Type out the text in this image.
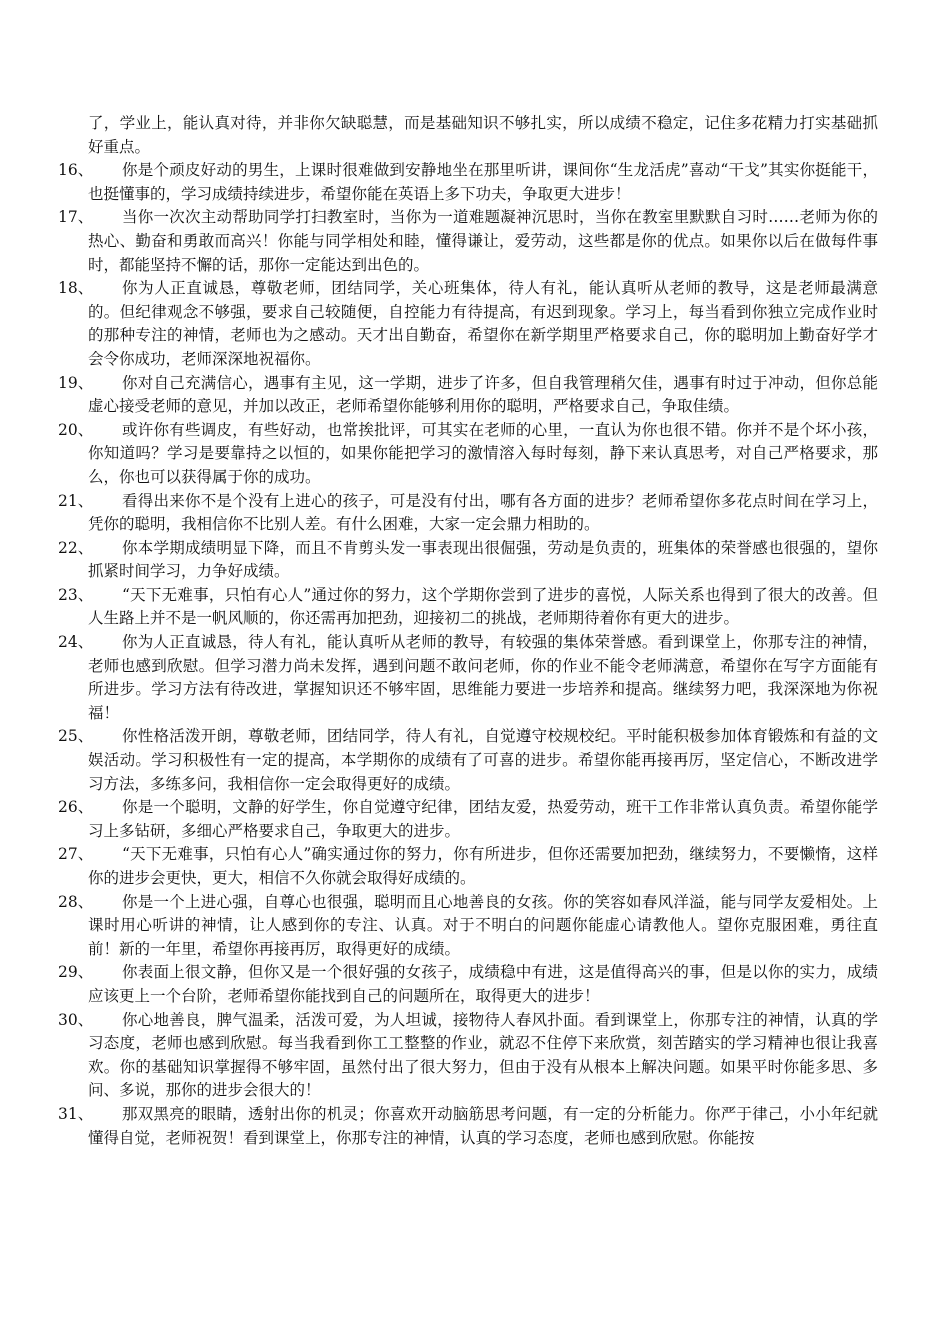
了，学业上，能认真对待，并非你欠缺聪慧，而是基础知识不够扎实，所以成绩不稳定，记住多花精力打实基础抓好重点。
16、	你是个顽皮好动的男生，上课时很难做到安静地坐在那里听讲，课间你“生龙活虎”喜动“干戈”其实你挺能干，也挺懂事的，学习成绩持续进步，希望你能在英语上多下功夫，争取更大进步！
17、	当你一次次主动帮助同学打扫教室时，当你为一道难题凝神沉思时，当你在教室里默默自习时……老师为你的热心、勤奋和勇敢而高兴！你能与同学相处和睦，懂得谦让，爱劳动，这些都是你的优点。如果你以后在做每件事时，都能坚持不懈的话，那你一定能达到出色的。
18、	你为人正直诚恳，尊敬老师，团结同学，关心班集体，待人有礼，能认真听从老师的教导，这是老师最满意的。但纪律观念不够强，要求自己较随便，自控能力有待提高，有迟到现象。学习上，每当看到你独立完成作业时的那种专注的神情，老师也为之感动。天才出自勤奋，希望你在新学期里严格要求自己，你的聪明加上勤奋好学才会令你成功，老师深深地祝福你。
19、	你对自己充满信心，遇事有主见，这一学期，进步了许多，但自我管理稍欠佳，遇事有时过于冲动，但你总能虚心接受老师的意见，并加以改正，老师希望你能够利用你的聪明，严格要求自己，争取佳绩。
20、	或许你有些调皮，有些好动，也常挨批评，可其实在老师的心里，一直认为你也很不错。你并不是个坏小孩，你知道吗？学习是要靠持之以恒的，如果你能把学习的激情溶入每时每刻，静下来认真思考，对自己严格要求，那么，你也可以获得属于你的成功。
21、	看得出来你不是个没有上进心的孩子，可是没有付出，哪有各方面的进步？老师希望你多花点时间在学习上，凭你的聪明，我相信你不比别人差。有什么困难，大家一定会鼎力相助的。
22、	你本学期成绩明显下降，而且不肯剪头发一事表现出很倔强，劳动是负责的，班集体的荣誉感也很强的，望你抓紧时间学习，力争好成绩。
23、	“天下无难事，只怕有心人”通过你的努力，这个学期你尝到了进步的喜悦，人际关系也得到了很大的改善。但人生路上并不是一帆风顺的，你还需再加把劲，迎接初二的挑战，老师期待着你有更大的进步。
24、	你为人正直诚恳，待人有礼，能认真听从老师的教导，有较强的集体荣誉感。看到课堂上，你那专注的神情，老师也感到欣慰。但学习潜力尚未发挥，遇到问题不敢问老师，你的作业不能令老师满意，希望你在写字方面能有所进步。学习方法有待改进，掌握知识还不够牢固，思维能力要进一步培养和提高。继续努力吧，我深深地为你祝福！
25、	你性格活泼开朗，尊敬老师，团结同学，待人有礼，自觉遵守校规校纪。平时能积极参加体育锻炼和有益的文娱活动。学习积极性有一定的提高，本学期你的成绩有了可喜的进步。希望你能再接再厉，坚定信心，不断改进学习方法，多练多问，我相信你一定会取得更好的成绩。
26、	你是一个聪明，文静的好学生，你自觉遵守纪律，团结友爱，热爱劳动，班干工作非常认真负责。希望你能学习上多钻研，多细心严格要求自己，争取更大的进步。
27、	“天下无难事，只怕有心人”确实通过你的努力，你有所进步，但你还需要加把劲，继续努力，不要懒惰，这样你的进步会更快，更大，相信不久你就会取得好成绩的。
28、	你是一个上进心强，自尊心也很强，聪明而且心地善良的女孩。你的笑容如春风洋溢，能与同学友爱相处。上课时用心听讲的神情，让人感到你的专注、认真。对于不明白的问题你能虚心请教他人。望你克服困难，勇往直前！新的一年里，希望你再接再厉，取得更好的成绩。
29、	你表面上很文静，但你又是一个很好强的女孩子，成绩稳中有进，这是值得高兴的事，但是以你的实力，成绩应该更上一个台阶，老师希望你能找到自己的问题所在，取得更大的进步！
30、	你心地善良，脾气温柔，活泼可爱，为人坦诚，接物待人春风扑面。看到课堂上，你那专注的神情，认真的学习态度，老师也感到欣慰。每当我看到你工工整整的作业，就忍不住停下来欣赏，刻苦踏实的学习精神也很让我喜欢。你的基础知识掌握得不够牢固，虽然付出了很大努力，但由于没有从根本上解决问题。如果平时你能多思、多问、多说，那你的进步会很大的！
31、	那双黑亮的眼睛，透射出你的机灵；你喜欢开动脑筋思考问题，有一定的分析能力。你严于律己，小小年纪就懂得自觉，老师祝贺！看到课堂上，你那专注的神情，认真的学习态度，老师也感到欣慰。你能按
